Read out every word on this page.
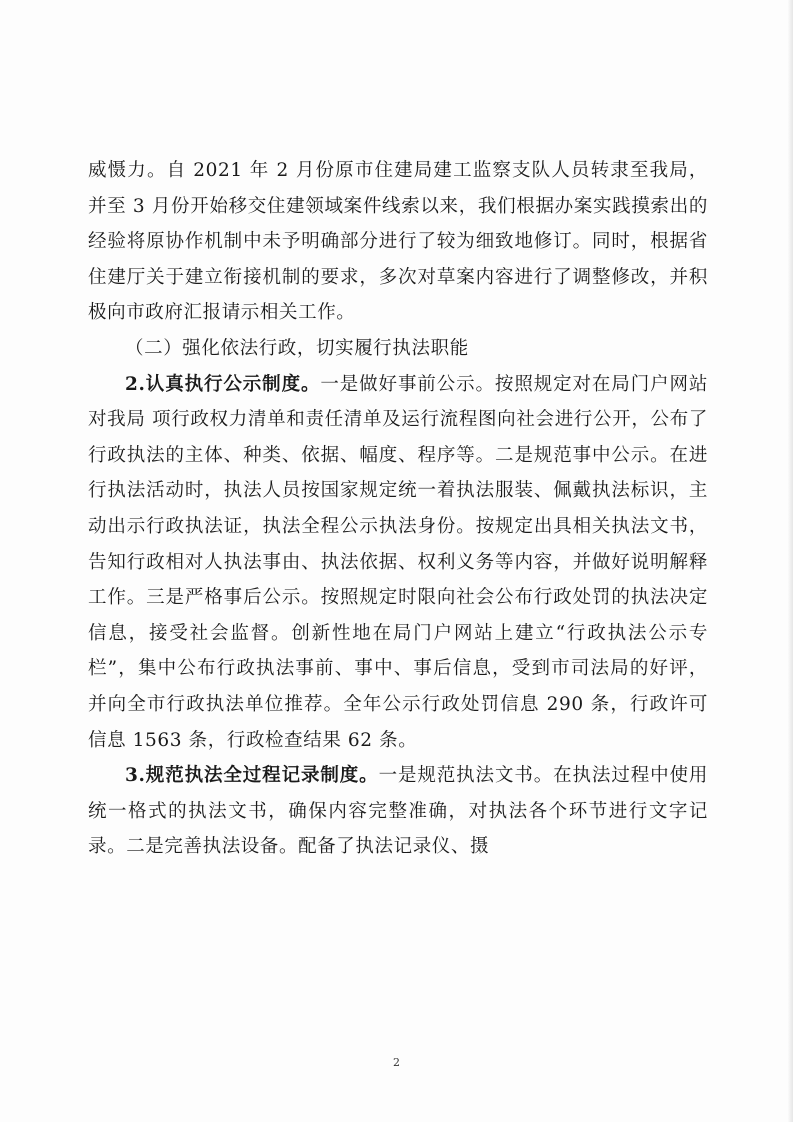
威慑力。自 2021 年 2 月份原市住建局建工监察支队人员转隶至我局，并至 3 月份开始移交住建领域案件线索以来，我们根据办案实践摸索出的经验将原协作机制中未予明确部分进行了较为细致地修订。同时，根据省住建厅关于建立衔接机制的要求，多次对草案内容进行了调整修改，并积极向市政府汇报请示相关工作。

（二）强化依法行政，切实履行执法职能

2.认真执行公示制度。一是做好事前公示。按照规定对在局门户网站对我局 项行政权力清单和责任清单及运行流程图向社会进行公开，公布了行政执法的主体、种类、依据、幅度、程序等。二是规范事中公示。在进行执法活动时，执法人员按国家规定统一着执法服装、佩戴执法标识，主动出示行政执法证，执法全程公示执法身份。按规定出具相关执法文书，告知行政相对人执法事由、执法依据、权利义务等内容，并做好说明解释工作。三是严格事后公示。按照规定时限向社会公布行政处罚的执法决定信息，接受社会监督。创新性地在局门户网站上建立“行政执法公示专栏”，集中公布行政执法事前、事中、事后信息，受到市司法局的好评，并向全市行政执法单位推荐。全年公示行政处罚信息 290 条，行政许可信息 1563 条，行政检查结果 62 条。

3.规范执法全过程记录制度。一是规范执法文书。在执法过程中使用统一格式的执法文书，确保内容完整准确，对执法各个环节进行文字记录。二是完善执法设备。配备了执法记录仪、摄

2
